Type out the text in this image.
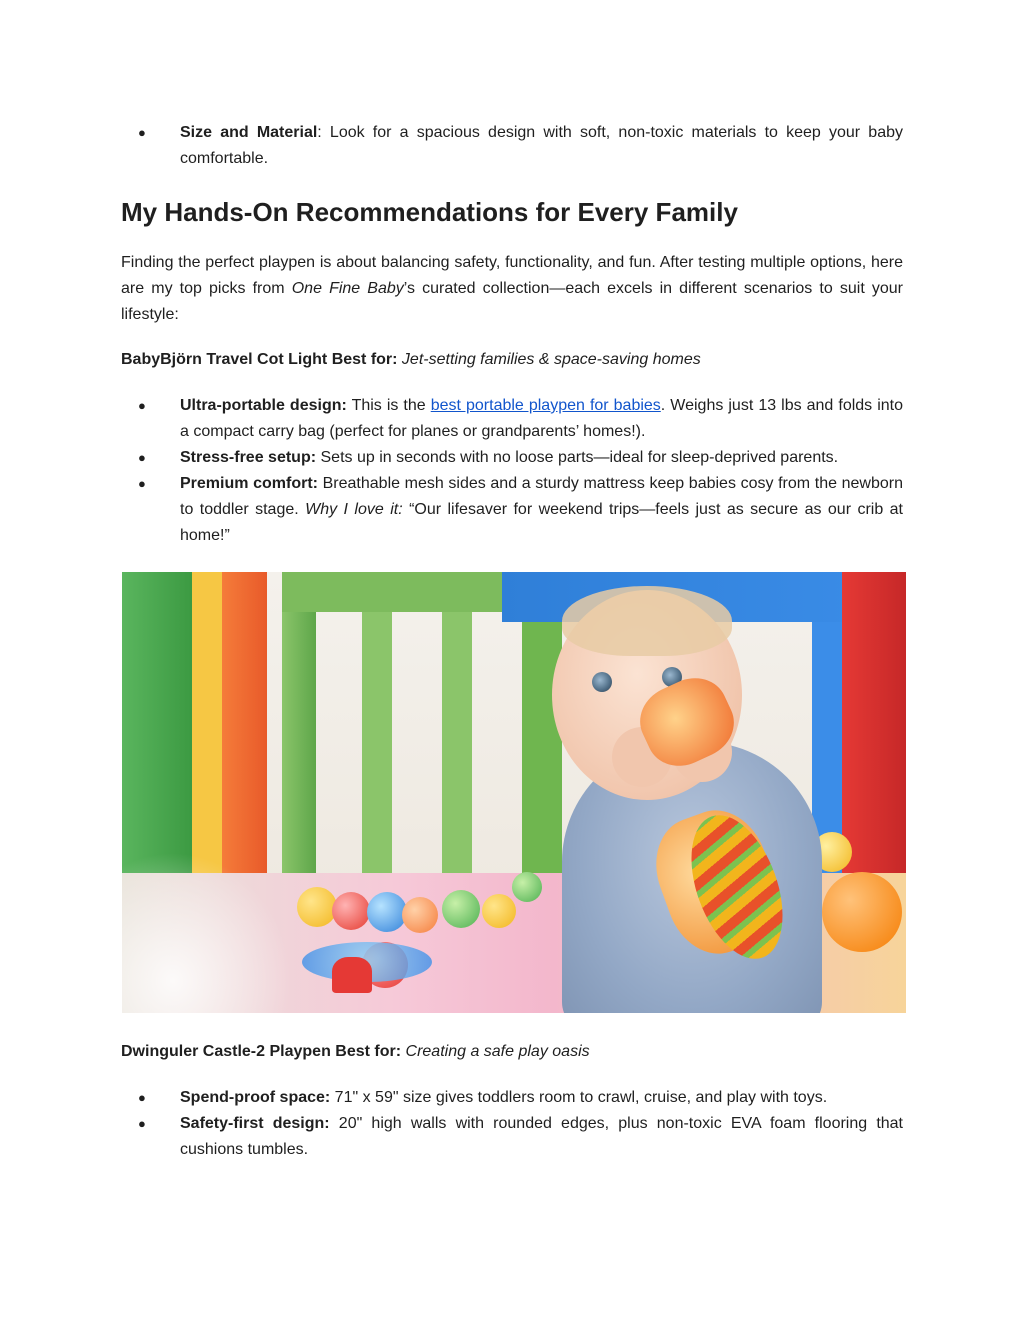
● Size and Material: Look for a spacious design with soft, non-toxic materials to keep your baby comfortable.
My Hands-On Recommendations for Every Family

Finding the perfect playpen is about balancing safety, functionality, and fun. After testing multiple options, here are my top picks from One Fine Baby’s curated collection—each excels in different scenarios to suit your lifestyle:

BabyBjörn Travel Cot Light Best for: Jet-setting families & space-saving homes

● Ultra-portable design: This is the best portable playpen for babies. Weighs just 13 lbs and folds into a compact carry bag (perfect for planes or grandparents’ homes!).
● Stress-free setup: Sets up in seconds with no loose parts—ideal for sleep-deprived parents.
● Premium comfort: Breathable mesh sides and a sturdy mattress keep babies cosy from the newborn to toddler stage. Why I love it: “Our lifesaver for weekend trips—feels just as secure as our crib at home!”

Dwinguler Castle-2 Playpen Best for: Creating a safe play oasis

● Spend-proof space: 71" x 59" size gives toddlers room to crawl, cruise, and play with toys.
● Safety-first design: 20" high walls with rounded edges, plus non-toxic EVA foam flooring that cushions tumbles.
